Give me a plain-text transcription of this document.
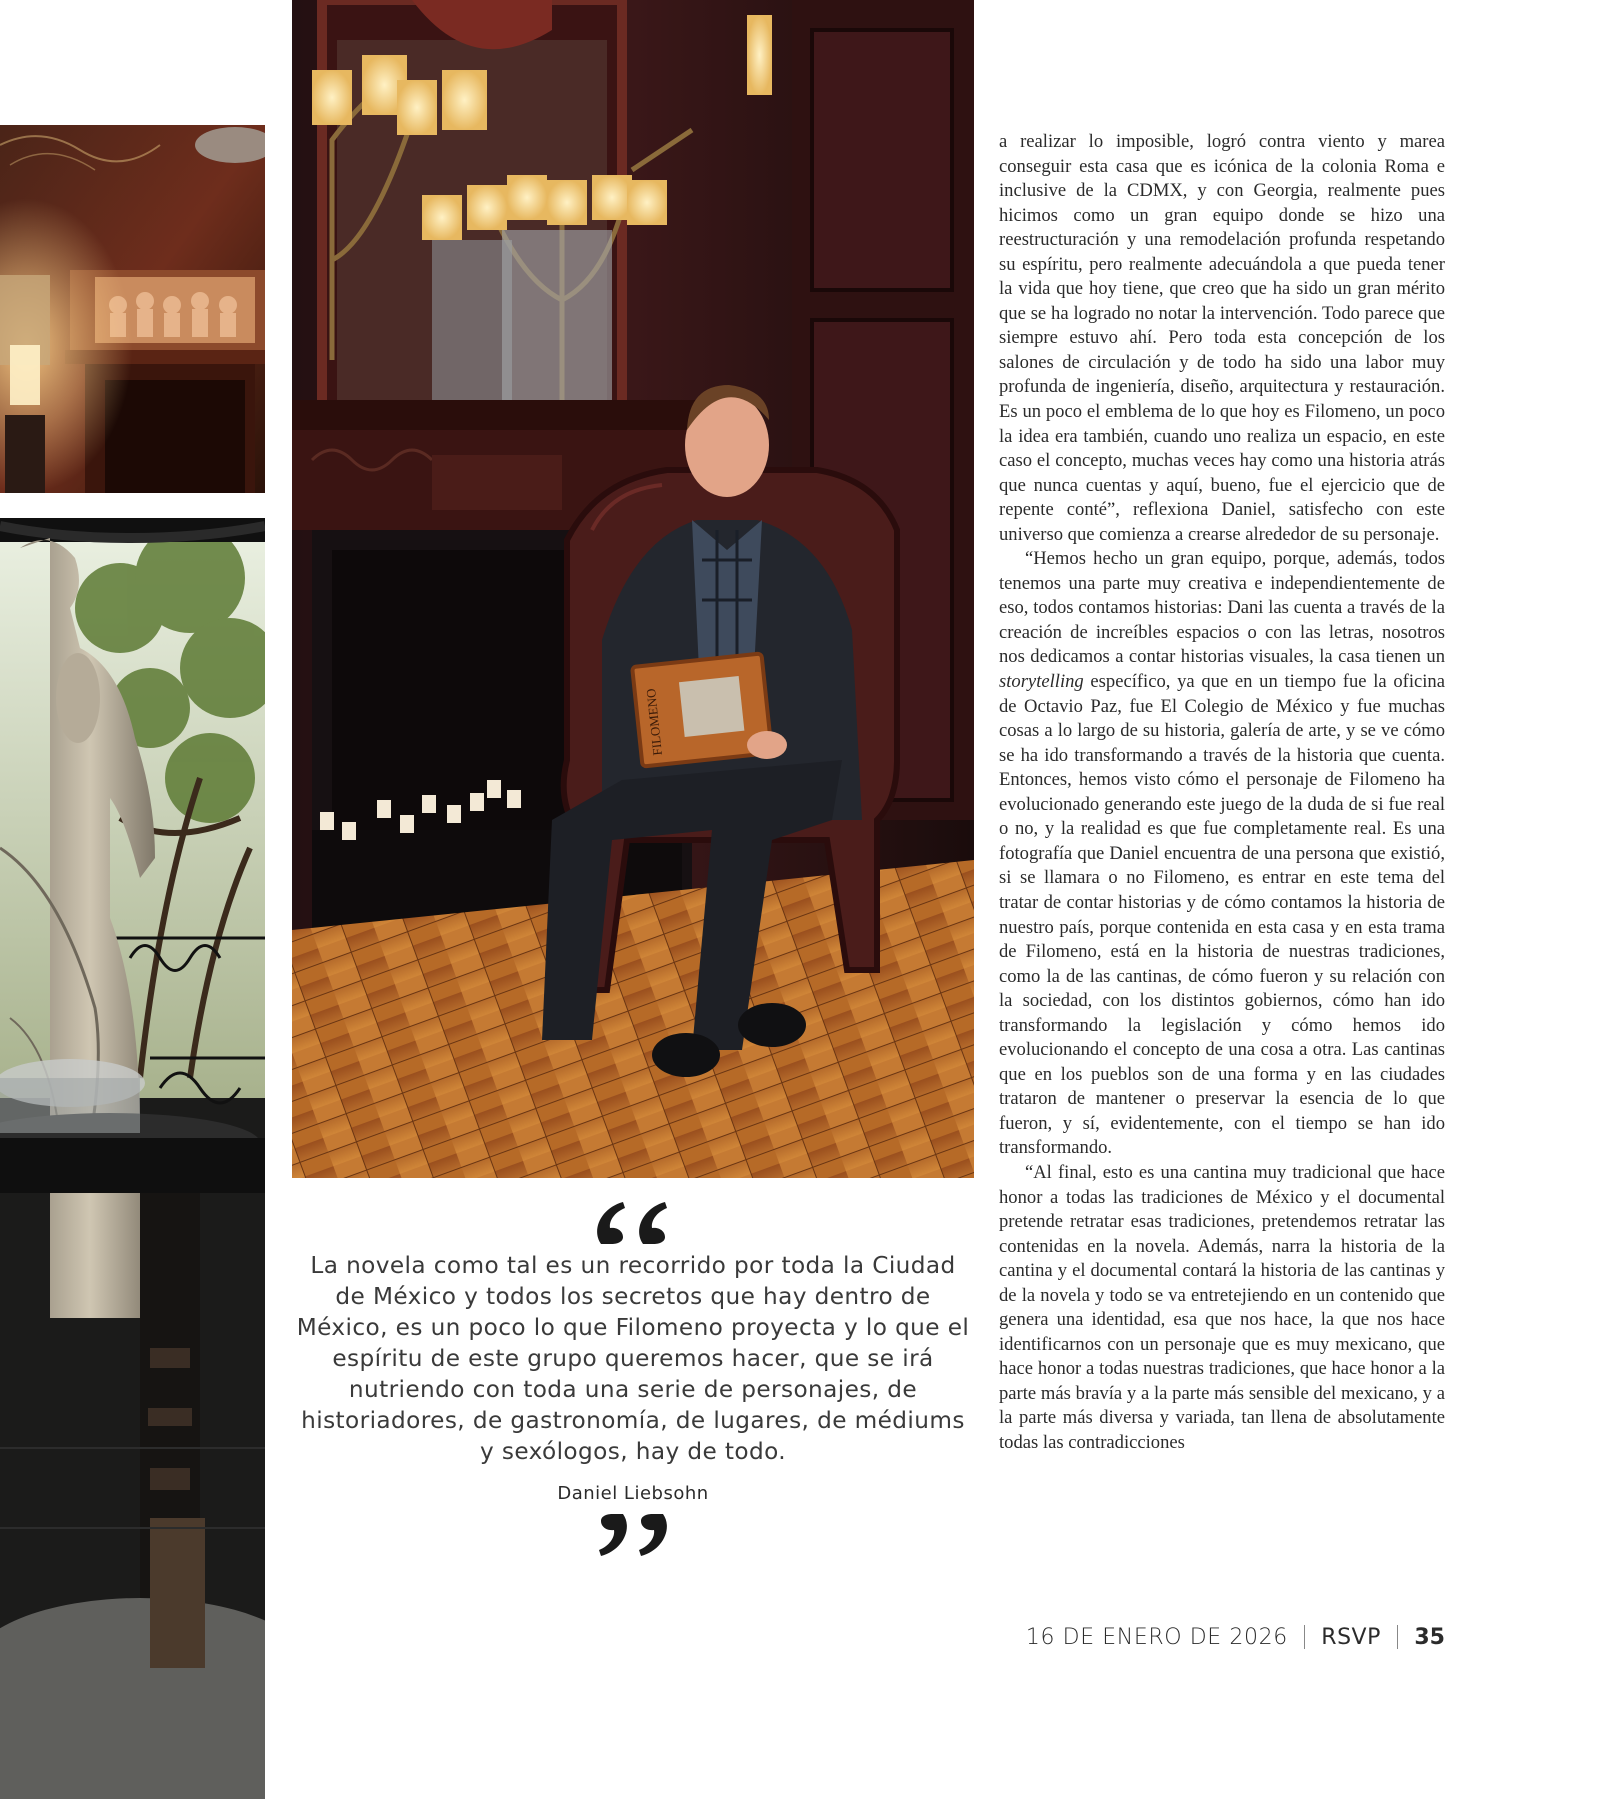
FILOMENO

a realizar lo imposible, logró contra viento y marea conseguir esta casa que es icónica de la colonia Roma e inclusive de la CDMX, y con Georgia, realmente pues hicimos como un gran equipo donde se hizo una reestructuración y una remodelación profunda respetando su espíritu, pero realmente adecuándola a que pueda tener la vida que hoy tiene, que creo que ha sido un gran mérito que se ha logrado no notar la intervención. Todo parece que siempre estuvo ahí. Pero toda esta concepción de los salones de circulación y de todo ha sido una labor muy profunda de ingeniería, diseño, arquitectura y restauración. Es un poco el emblema de lo que hoy es Filomeno, un poco la idea era también, cuando uno realiza un espacio, en este caso el concepto, muchas veces hay como una historia atrás que nunca cuentas y aquí, bueno, fue el ejercicio que de repente conté”, reflexiona Daniel, satisfecho con este universo que comienza a crearse alrededor de su personaje.

“Hemos hecho un gran equipo, porque, además, todos tenemos una parte muy creativa e independientemente de eso, todos contamos historias: Dani las cuenta a través de la creación de increíbles espacios o con las letras, nosotros nos dedicamos a contar historias visuales, la casa tienen un storytelling específico, ya que en un tiempo fue la oficina de Octavio Paz, fue El Colegio de México y fue muchas cosas a lo largo de su historia, galería de arte, y se ve cómo se ha ido transformando a través de la historia que cuenta. Entonces, hemos visto cómo el personaje de Filomeno ha evolucionado generando este juego de la duda de si fue real o no, y la realidad es que fue completamente real. Es una fotografía que Daniel encuentra de una persona que existió, si se llamara o no Filomeno, es entrar en este tema del tratar de contar historias y de cómo contamos la historia de nuestro país, porque contenida en esta casa y en esta trama de Filomeno, está en la historia de nuestras tradiciones, como la de las cantinas, de cómo fueron y su relación con la sociedad, con los distintos gobiernos, cómo han ido transformando la legislación y cómo hemos ido evolucionando el concepto de una cosa a otra. Las cantinas que en los pueblos son de una forma y en las ciudades trataron de mantener o preservar la esencia de lo que fueron, y sí, evidentemente, con el tiempo se han ido transformando.

“Al final, esto es una cantina muy tradicional que hace honor a todas las tradiciones de México y el documental pretende retratar esas tradiciones, pretendemos retratar las contenidas en la novela. Además, narra la historia de la cantina y el documental contará la historia de las cantinas y de la novela y todo se va entretejiendo en un contenido que genera una identidad, esa que nos hace, la que nos hace identificarnos con un personaje que es muy mexicano, que hace honor a todas nuestras tradiciones, que hace honor a la parte más bravía y a la parte más sensible del mexicano, y a la parte más diversa y variada, tan llena de absolutamente todas las contradicciones

La novela como tal es un recorrido por toda la Ciudad de México y todos los secretos que hay dentro de México, es un poco lo que Filomeno proyecta y lo que el espíritu de este grupo queremos hacer, que se irá nutriendo con toda una serie de personajes, de historiadores, de gastronomía, de lugares, de médiums y sexólogos, hay de todo.

Daniel Liebsohn
16 DE ENERO DE 2026 RSVP 35
